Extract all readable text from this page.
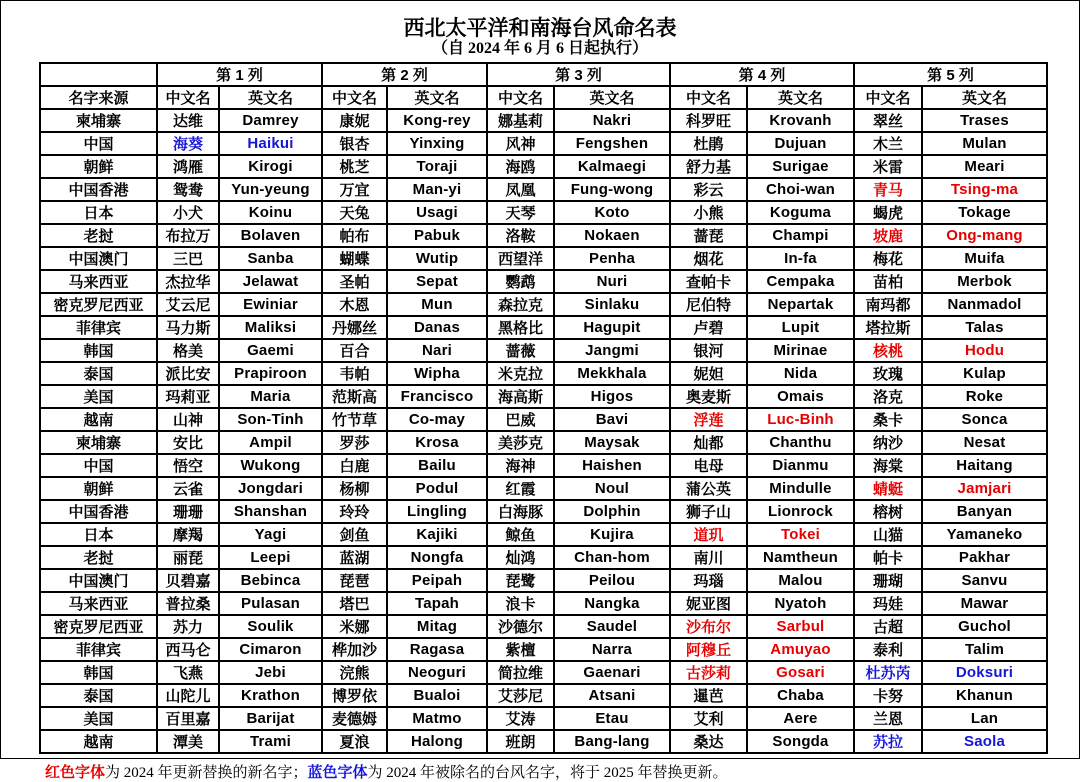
西北太平洋和南海台风命名表
（自 2024 年 6 月 6 日起执行）
	第 1 列		第 2 列		第 3 列		第 4 列		第 5 列	
名字来源	中文名	英文名	中文名	英文名	中文名	英文名	中文名	英文名	中文名	英文名
柬埔寨	达维	Damrey	康妮	Kong-rey	娜基莉	Nakri	科罗旺	Krovanh	翠丝	Trases
中国	海葵	Haikui	银杏	Yinxing	风神	Fengshen	杜鹃	Dujuan	木兰	Mulan
朝鲜	鸿雁	Kirogi	桃芝	Toraji	海鸥	Kalmaegi	舒力基	Surigae	米雷	Meari
中国香港	鸳鸯	Yun-yeung	万宜	Man-yi	凤凰	Fung-wong	彩云	Choi-wan	青马	Tsing-ma
日本	小犬	Koinu	天兔	Usagi	天琴	Koto	小熊	Koguma	蝎虎	Tokage
老挝	布拉万	Bolaven	帕布	Pabuk	洛鞍	Nokaen	蔷琵	Champi	坡鹿	Ong-mang
中国澳门	三巴	Sanba	蝴蝶	Wutip	西望洋	Penha	烟花	In-fa	梅花	Muifa
马来西亚	杰拉华	Jelawat	圣帕	Sepat	鹦鹉	Nuri	查帕卡	Cempaka	苗柏	Merbok
密克罗尼西亚	艾云尼	Ewiniar	木恩	Mun	森拉克	Sinlaku	尼伯特	Nepartak	南玛都	Nanmadol
菲律宾	马力斯	Maliksi	丹娜丝	Danas	黑格比	Hagupit	卢碧	Lupit	塔拉斯	Talas
韩国	格美	Gaemi	百合	Nari	蔷薇	Jangmi	银河	Mirinae	核桃	Hodu
泰国	派比安	Prapiroon	韦帕	Wipha	米克拉	Mekkhala	妮妲	Nida	玫瑰	Kulap
美国	玛莉亚	Maria	范斯高	Francisco	海高斯	Higos	奥麦斯	Omais	洛克	Roke
越南	山神	Son-Tinh	竹节草	Co-may	巴威	Bavi	浮莲	Luc-Binh	桑卡	Sonca
柬埔寨	安比	Ampil	罗莎	Krosa	美莎克	Maysak	灿都	Chanthu	纳沙	Nesat
中国	悟空	Wukong	白鹿	Bailu	海神	Haishen	电母	Dianmu	海棠	Haitang
朝鲜	云雀	Jongdari	杨柳	Podul	红霞	Noul	蒲公英	Mindulle	蜻蜓	Jamjari
中国香港	珊珊	Shanshan	玲玲	Lingling	白海豚	Dolphin	狮子山	Lionrock	榕树	Banyan
日本	摩羯	Yagi	剑鱼	Kajiki	鲸鱼	Kujira	道玑	Tokei	山猫	Yamaneko
老挝	丽琵	Leepi	蓝湖	Nongfa	灿鸿	Chan-hom	南川	Namtheun	帕卡	Pakhar
中国澳门	贝碧嘉	Bebinca	琵琶	Peipah	琵鹭	Peilou	玛瑙	Malou	珊瑚	Sanvu
马来西亚	普拉桑	Pulasan	塔巴	Tapah	浪卡	Nangka	妮亚图	Nyatoh	玛娃	Mawar
密克罗尼西亚	苏力	Soulik	米娜	Mitag	沙德尔	Saudel	沙布尔	Sarbul	古超	Guchol
菲律宾	西马仑	Cimaron	桦加沙	Ragasa	紫檀	Narra	阿穆丘	Amuyao	泰利	Talim
韩国	飞燕	Jebi	浣熊	Neoguri	简拉维	Gaenari	古莎莉	Gosari	杜苏芮	Doksuri
泰国	山陀儿	Krathon	博罗依	Bualoi	艾莎尼	Atsani	暹芭	Chaba	卡努	Khanun
美国	百里嘉	Barijat	麦德姆	Matmo	艾涛	Etau	艾利	Aere	兰恩	Lan
越南	潭美	Trami	夏浪	Halong	班朗	Bang-lang	桑达	Songda	苏拉	Saola
红色字体为 2024 年更新替换的新名字；蓝色字体为 2024 年被除名的台风名字，将于 2025 年替换更新。
